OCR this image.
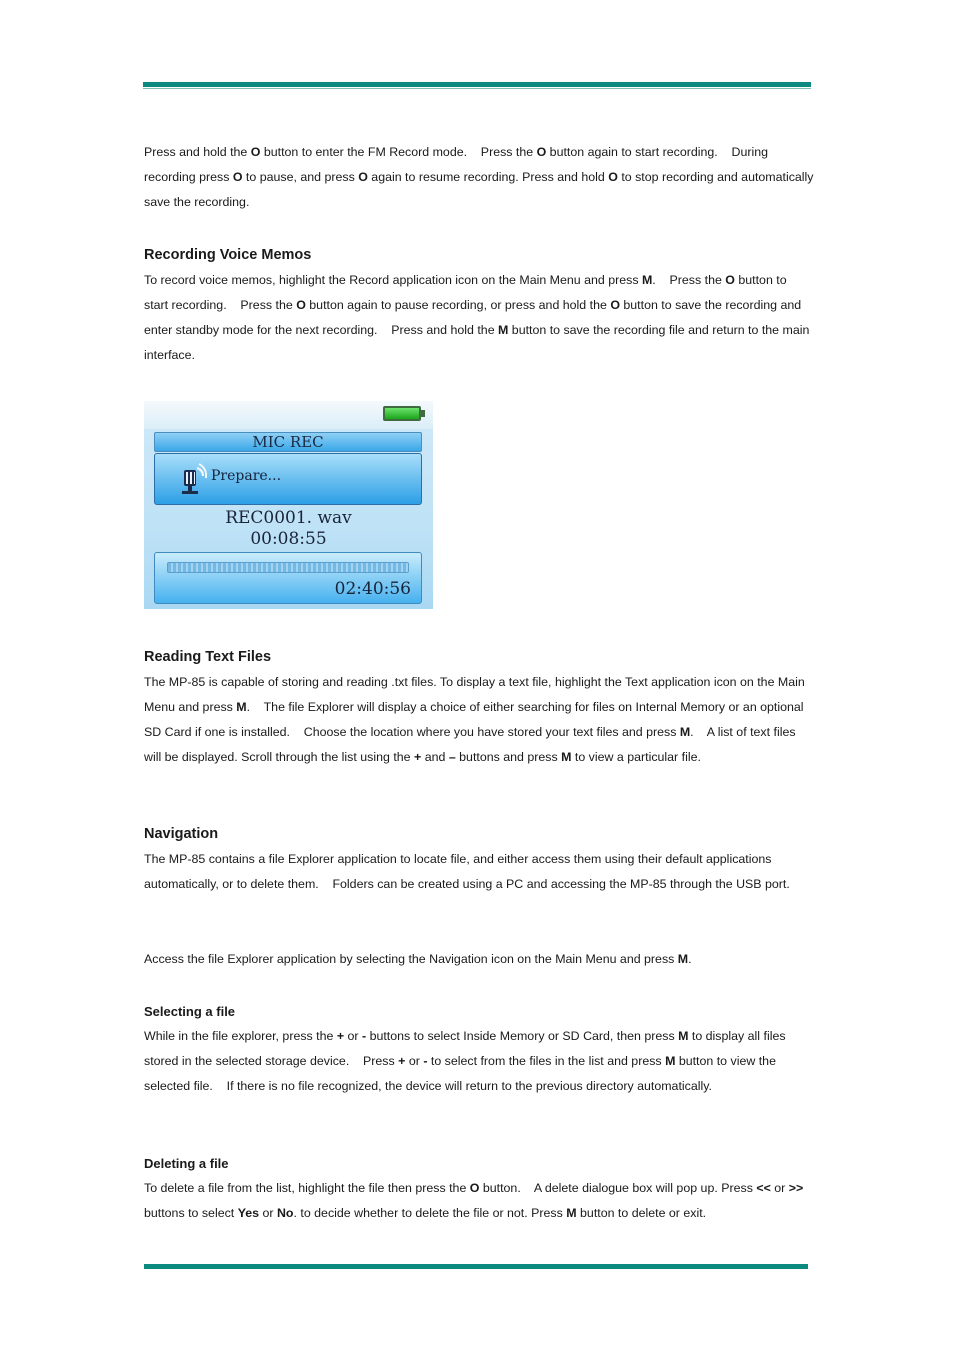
Press and hold the O button to enter the FM Record mode.    Press the O button again to start recording.    During recording press O to pause, and press O again to resume recording. Press and hold O to stop recording and automatically save the recording.

Recording Voice Memos

To record voice memos, highlight the Record application icon on the Main Menu and press M.    Press the O button to start recording.    Press the O button again to pause recording, or press and hold the O button to save the recording and enter standby mode for the next recording.    Press and hold the M button to save the recording file and return to the main interface.

MIC REC
Prepare...
REC0001. wav
00:08:55
02:40:56
Reading Text Files

The MP-85 is capable of storing and reading .txt files. To display a text file, highlight the Text application icon on the Main Menu and press M.    The file Explorer will display a choice of either searching for files on Internal Memory or an optional SD Card if one is installed.    Choose the location where you have stored your text files and press M.    A list of text files will be displayed. Scroll through the list using the + and – buttons and press M to view a particular file.

Navigation

The MP-85 contains a file Explorer application to locate file, and either access them using their default applications automatically, or to delete them.    Folders can be created using a PC and accessing the MP-85 through the USB port.

Access the file Explorer application by selecting the Navigation icon on the Main Menu and press M.

Selecting a file

While in the file explorer, press the + or - buttons to select Inside Memory or SD Card, then press M to display all files stored in the selected storage device.    Press + or - to select from the files in the list and press M button to view the selected file.    If there is no file recognized, the device will return to the previous directory automatically.

Deleting a file

To delete a file from the list, highlight the file then press the O button.    A delete dialogue box will pop up. Press << or >> buttons to select Yes or No. to decide whether to delete the file or not. Press M button to delete or exit.
